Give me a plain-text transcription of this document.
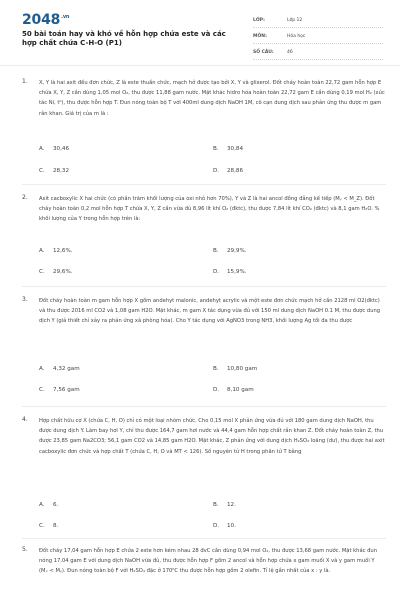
$2048^{.vn}$
50 bài toán hay và khó về hỗn hợp chứa este và các hợp chất chứa C-H-O (P1)
LỚP:	Lớp 12
MÔN:	Hóa học
SỐ CÂU:	46
1. X, Y là hai axit đều đơn chức, Z là este thuần chức, mạch hở được tạo bởi X, Y và glixerol. Đốt cháy hoàn toàn 22,72 gam hỗn hợp E chứa X, Y, Z cần dùng 1,05 mol O₂, thu được 11,88 gam nước. Mặt khác hidro hóa hoàn toàn 22,72 gam E cần dùng 0,19 mol H₂ (xúc tác Ni, t⁰), thu được hỗn hợp T. Đun nóng toàn bộ T với 400ml dung dịch NaOH 1M, cô cạn dung dịch sau phản ứng thu được m gam rắn khan. Giá trị của m là :
A. 30,46	B. 30,84
C. 28,32	D. 28,86
2. Axit cacboxylic X hai chức (có phần trăm khối lượng của oxi nhỏ hơn 70%), Y và Z là hai ancol đồng đẳng kế tiếp (Mᵧ < M_Z). Đốt cháy hoàn toàn 0,2 mol hỗn hợp T chứa X, Y, Z cần vừa đủ 8,96 lít khí O₂ (đktc), thu được 7,84 lít khí CO₂ (đktc) và 8,1 gam H₂O. % khối lượng của Y trong hỗn hợp trên là:
A. 12,6%.	B. 29,9%.
C. 29,6%.	D. 15,9%.
3. Đốt cháy hoàn toàn m gam hỗn hợp X gồm andehyt malonic, andehyt acrylic và một este đơn chức mạch hở cần 2128 ml O2(đktc) và thu được 2016 ml CO2 và 1,08 gam H2O. Mặt khác, m gam X tác dụng vừa đủ với 150 ml dung dịch NaOH 0.1 M, thu được dung dịch Y (giả thiết chỉ xảy ra phản ứng xà phòng hóa). Cho Y tác dụng với AgNO3 trong NH3, khối lượng Ag tối đa thu được
A. 4,32 gam	B. 10,80 gam
C. 7,56 gam	D. 8,10 gam
4. Hợp chất hữu cơ X (chứa C, H, O) chỉ có một loại nhóm chức. Cho 0,15 mol X phản ứng vừa đủ với 180 gam dung dịch NaOH, thu được dung dịch Y. Làm bay hơi Y, chỉ thu được 164,7 gam hơi nước và 44,4 gam hỗn hợp chất rắn khan Z. Đốt cháy hoàn toàn Z, thu được 23,85 gam Na2CO3; 56,1 gam CO2 và 14,85 gam H2O. Mặt khác, Z phản ứng với dung dịch H₂SO₄ loãng (dư), thu được hai axit cacboxylic đơn chức và hợp chất T (chứa C, H, O và MT < 126). Số nguyên tử H trong phân tử T bằng
A. 6.	B. 12.
C. 8.	D. 10.
5. Đốt cháy 17,04 gam hỗn hợp E chứa 2 este hơn kém nhau 28 đvC cần dùng 0,94 mol O₂, thu được 13,68 gam nước. Mặt khác đun nóng 17,04 gam E với dung dịch NaOH vừa đủ, thu được hỗn hợp F gồm 2 ancol và hỗn hợp chứa x gam muối X và y gam muối Y (Mₓ < Mᵧ). Đun nóng toàn bộ F với H₂SO₄ đặc ở 170⁰C thu được hỗn hợp gồm 2 olefin. Tỉ lệ gần nhất của x : y là.
